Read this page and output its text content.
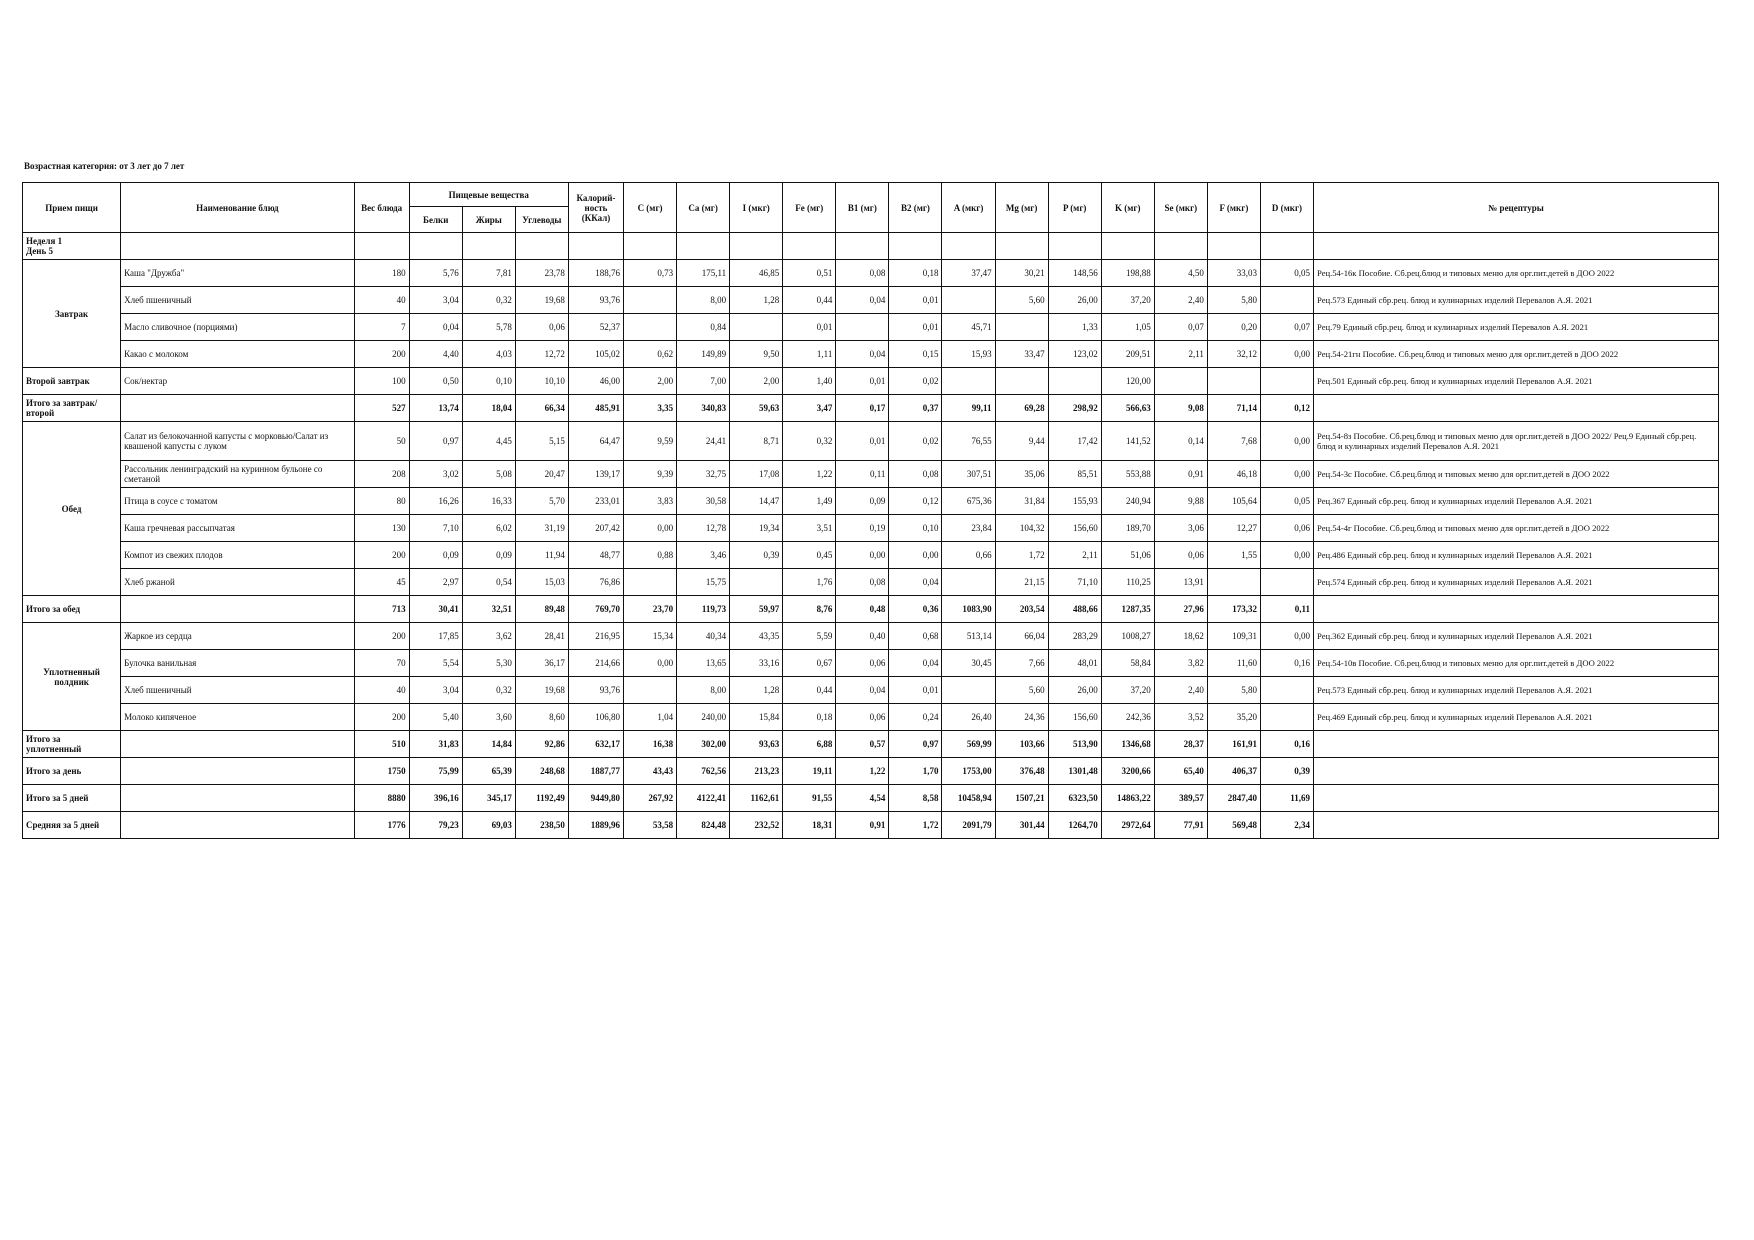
Возрастная категория: от 3 лет до 7 лет
Прием пищи	Наименование блюд	Вес блюда	Пищевые вещества			Калорий-ность (ККал)	C (мг)	Ca (мг)	I (мкг)	Fe (мг)	B1 (мг)	B2 (мг)	A (мкг)	Mg (мг)	P (мг)	K (мг)	Se (мкг)	F (мкг)	D (мкг)	№ рецептуры
			Белки	Жиры	Углеводы															

Неделя 1
День 5																				

Завтрак	Каша "Дружба"	180	5,76	7,81	23,78	188,76	0,73	175,11	46,85	0,51	0,08	0,18	37,47	30,21	148,56	198,88	4,50	33,03	0,05	Рец.54-16к Пособие. Сб.рец.блюд и типовых меню для орг.пит.детей в ДОО 2022
	Хлеб пшеничный	40	3,04	0,32	19,68	93,76		8,00	1,28	0,44	0,04	0,01		5,60	26,00	37,20	2,40	5,80		Рец.573 Единый сбр.рец. блюд и кулинарных изделий Перевалов А.Я. 2021
	Масло сливочное (порциями)	7	0,04	5,78	0,06	52,37		0,84		0,01		0,01	45,71		1,33	1,05	0,07	0,20	0,07	Рец.79 Единый сбр.рец. блюд и кулинарных изделий Перевалов А.Я. 2021
	Какао с молоком	200	4,40	4,03	12,72	105,02	0,62	149,89	9,50	1,11	0,04	0,15	15,93	33,47	123,02	209,51	2,11	32,12	0,00	Рец.54-21гн Пособие. Сб.рец.блюд и типовых меню для орг.пит.детей в ДОО 2022
Второй завтрак	Сок/нектар	100	0,50	0,10	10,10	46,00	2,00	7,00	2,00	1,40	0,01	0,02				120,00				Рец.501 Единый сбр.рец. блюд и кулинарных изделий Перевалов А.Я. 2021
Итого за завтрак/второй		527	13,74	18,04	66,34	485,91	3,35	340,83	59,63	3,47	0,17	0,37	99,11	69,28	298,92	566,63	9,08	71,14	0,12	
Обед	Салат из белокочанной капусты с морковью/Салат из квашеной капусты с луком	50	0,97	4,45	5,15	64,47	9,59	24,41	8,71	0,32	0,01	0,02	76,55	9,44	17,42	141,52	0,14	7,68	0,00	Рец.54-8з Пособие. Сб.рец.блюд и типовых меню для орг.пит.детей в ДОО 2022/ Рец.9 Единый сбр.рец. блюд и кулинарных изделий Перевалов А.Я. 2021
	Рассольник ленинградский на куринном бульоне со сметаной	208	3,02	5,08	20,47	139,17	9,39	32,75	17,08	1,22	0,11	0,08	307,51	35,06	85,51	553,88	0,91	46,18	0,00	Рец.54-3с Пособие. Сб.рец.блюд и типовых меню для орг.пит.детей в ДОО 2022
	Птица в соусе с томатом	80	16,26	16,33	5,70	233,01	3,83	30,58	14,47	1,49	0,09	0,12	675,36	31,84	155,93	240,94	9,88	105,64	0,05	Рец.367 Единый сбр.рец. блюд и кулинарных изделий Перевалов А.Я. 2021
	Каша гречневая рассыпчатая	130	7,10	6,02	31,19	207,42	0,00	12,78	19,34	3,51	0,19	0,10	23,84	104,32	156,60	189,70	3,06	12,27	0,06	Рец.54-4г Пособие. Сб.рец.блюд и типовых меню для орг.пит.детей в ДОО 2022
	Компот из свежих плодов	200	0,09	0,09	11,94	48,77	0,88	3,46	0,39	0,45	0,00	0,00	0,66	1,72	2,11	51,06	0,06	1,55	0,00	Рец.486 Единый сбр.рец. блюд и кулинарных изделий Перевалов А.Я. 2021
	Хлеб ржаной	45	2,97	0,54	15,03	76,86		15,75		1,76	0,08	0,04		21,15	71,10	110,25	13,91			Рец.574 Единый сбр.рец. блюд и кулинарных изделий Перевалов А.Я. 2021
Итого за обед		713	30,41	32,51	89,48	769,70	23,70	119,73	59,97	8,76	0,48	0,36	1083,90	203,54	488,66	1287,35	27,96	173,32	0,11	
Уплотненный полдник	Жаркое из сердца	200	17,85	3,62	28,41	216,95	15,34	40,34	43,35	5,59	0,40	0,68	513,14	66,04	283,29	1008,27	18,62	109,31	0,00	Рец.362 Единый сбр.рец. блюд и кулинарных изделий Перевалов А.Я. 2021
	Булочка ванильная	70	5,54	5,30	36,17	214,66	0,00	13,65	33,16	0,67	0,06	0,04	30,45	7,66	48,01	58,84	3,82	11,60	0,16	Рец.54-10в Пособие. Сб.рец.блюд и типовых меню для орг.пит.детей в ДОО 2022
	Хлеб пшеничный	40	3,04	0,32	19,68	93,76		8,00	1,28	0,44	0,04	0,01		5,60	26,00	37,20	2,40	5,80		Рец.573 Единый сбр.рец. блюд и кулинарных изделий Перевалов А.Я. 2021
	Молоко кипяченое	200	5,40	3,60	8,60	106,80	1,04	240,00	15,84	0,18	0,06	0,24	26,40	24,36	156,60	242,36	3,52	35,20		Рец.469 Единый сбр.рец. блюд и кулинарных изделий Перевалов А.Я. 2021
Итого за уплотненный		510	31,83	14,84	92,86	632,17	16,38	302,00	93,63	6,88	0,57	0,97	569,99	103,66	513,90	1346,68	28,37	161,91	0,16	
Итого за день		1750	75,99	65,39	248,68	1887,77	43,43	762,56	213,23	19,11	1,22	1,70	1753,00	376,48	1301,48	3200,66	65,40	406,37	0,39	
Итого за 5 дней		8880	396,16	345,17	1192,49	9449,80	267,92	4122,41	1162,61	91,55	4,54	8,58	10458,94	1507,21	6323,50	14863,22	389,57	2847,40	11,69	
Средняя за 5 дней		1776	79,23	69,03	238,50	1889,96	53,58	824,48	232,52	18,31	0,91	1,72	2091,79	301,44	1264,70	2972,64	77,91	569,48	2,34	
